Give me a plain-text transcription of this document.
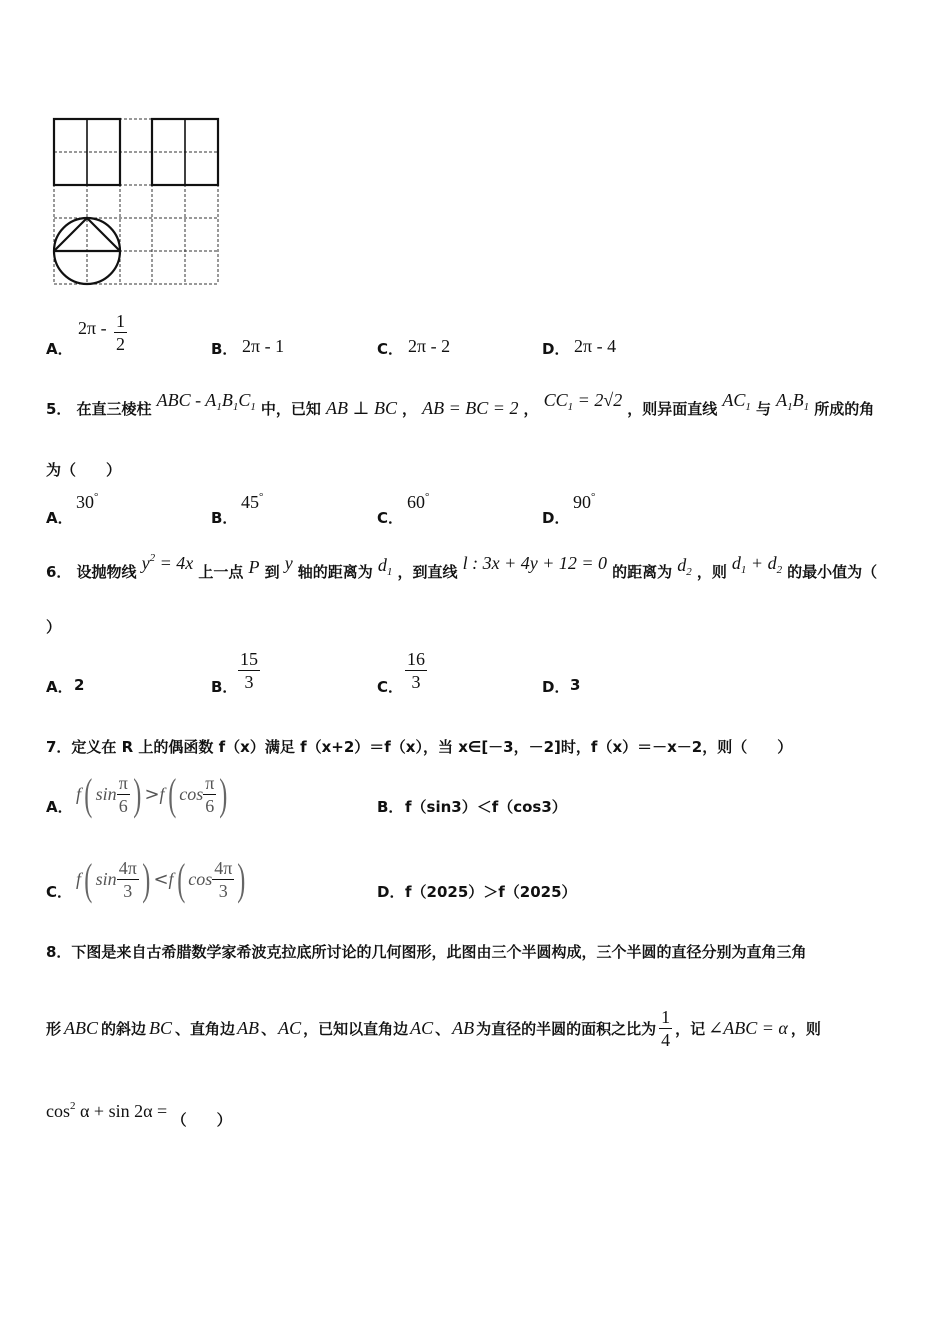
A．
$2\pi - \frac{1}{2}$	B． 2π - 1	C． 2π - 2	D． 2π - 4
5． 在直三棱柱 ABC - $A_1B_1C_1$ 中，已知 AB ⊥ BC ， AB = BC = 2 ， $CC_1 = 2√2$ ，则异面直线 $AC_1$ 与 $A_1B_1$ 所成的角
为（　　）
A．
30°
B．
45°
C．
60°
D．
90°
6． 设抛物线 $y^2 = 4x$ 上一点 P 到 y 轴的距离为 $d_1$ ，到直线 l : 3x + 4y + 12 = 0 的距离为 $d_2$ ，则 $d_1 + d_2$ 的最小值为（
）
A． 2	B． $\frac{15}{3}$	C． $\frac{16}{3}$	D． 3
7．定义在 R 上的偶函数 f（x）满足 f（x+2）＝f（x），当 x∈[－3，－2]时，f（x）＝－x－2，则（　　）
A．
f ( $\sin \frac{\pi}{6}$ ) > f ( $\cos \frac{\pi}{6}$ )	B． f（sin3）＜f（cos3）
C．
f ( $\sin \frac{4\pi}{3}$ ) < f ( $\cos \frac{4\pi}{3}$ )	D． f（2025）＞f（2025）
8．下图是来自古希腊数学家希波克拉底所讨论的几何图形，此图由三个半圆构成，三个半圆的直径分别为直角三角
形 ABC 的斜边 BC 、直角边 AB 、 AC ，已知以直角边 AC 、 AB 为直径的半圆的面积之比为 $\frac{1}{4}$ ，记 ∠ABC = α ，则
$\cos^2 \alpha + \sin 2\alpha$ = （　　）
